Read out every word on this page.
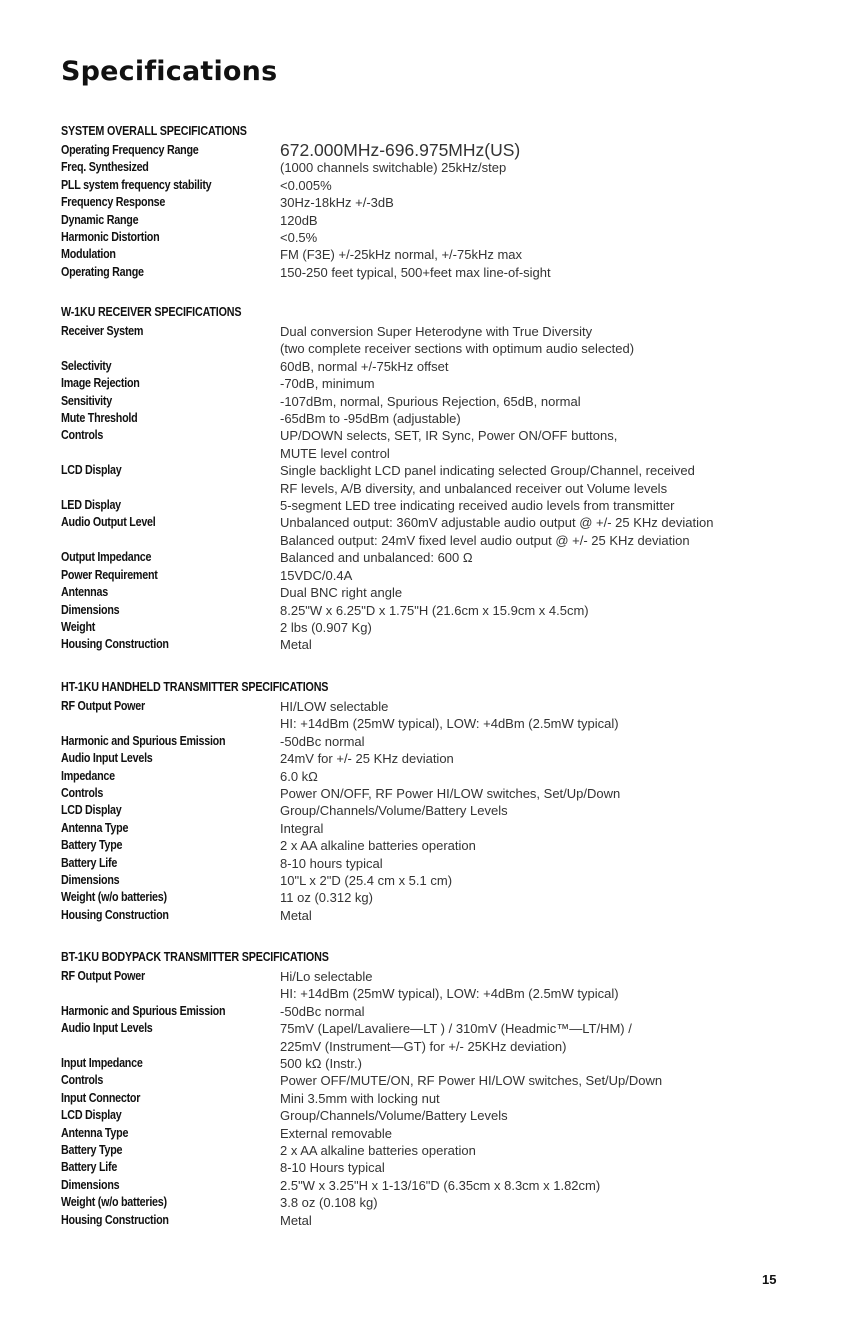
Specifications
SYSTEM OVERALL SPECIFICATIONS
Operating Frequency Range	672.000MHz-696.975MHz(US)
Freq. Synthesized	(1000 channels switchable) 25kHz/step
PLL system frequency stability	<0.005%
Frequency Response	30Hz-18kHz +/-3dB
Dynamic Range	120dB
Harmonic Distortion	<0.5%
Modulation	FM (F3E) +/-25kHz normal, +/-75kHz max
Operating Range	150-250 feet typical, 500+feet max line-of-sight
W-1KU RECEIVER SPECIFICATIONS
Receiver System	Dual conversion Super Heterodyne with True Diversity
(two complete receiver sections with optimum audio selected)
Selectivity	60dB, normal +/-75kHz offset
Image Rejection	-70dB, minimum
Sensitivity	-107dBm, normal, Spurious Rejection, 65dB, normal
Mute Threshold	-65dBm to -95dBm (adjustable)
Controls	UP/DOWN selects, SET, IR Sync, Power ON/OFF buttons,
MUTE level control
LCD Display	Single backlight LCD panel indicating selected Group/Channel, received
RF levels, A/B diversity, and unbalanced receiver out Volume levels
LED Display	5-segment LED tree indicating received audio levels from transmitter
Audio Output Level	Unbalanced output: 360mV adjustable audio output @ +/- 25 KHz deviation
Balanced output: 24mV fixed level audio output @ +/- 25 KHz deviation
Output Impedance	Balanced and unbalanced: 600 Ω
Power Requirement	15VDC/0.4A
Antennas	Dual BNC right angle
Dimensions	8.25"W x 6.25"D x 1.75"H (21.6cm x 15.9cm x 4.5cm)
Weight	2 lbs (0.907 Kg)
Housing Construction	Metal
HT-1KU HANDHELD TRANSMITTER SPECIFICATIONS
RF Output Power	HI/LOW selectable
HI: +14dBm (25mW typical), LOW: +4dBm (2.5mW typical)
Harmonic and Spurious Emission	-50dBc normal
Audio Input Levels	24mV for +/- 25 KHz deviation
Impedance	6.0 kΩ
Controls	Power ON/OFF, RF Power HI/LOW switches, Set/Up/Down
LCD Display	Group/Channels/Volume/Battery Levels
Antenna Type	Integral
Battery Type	2 x AA alkaline batteries operation
Battery Life	8-10 hours typical
Dimensions	10"L x 2"D (25.4 cm x 5.1 cm)
Weight (w/o batteries)	11 oz (0.312 kg)
Housing Construction	Metal
BT-1KU BODYPACK TRANSMITTER SPECIFICATIONS
RF Output Power	Hi/Lo selectable
HI: +14dBm (25mW typical), LOW: +4dBm (2.5mW typical)
Harmonic and Spurious Emission	-50dBc normal
Audio Input Levels	75mV (Lapel/Lavaliere—LT ) / 310mV (Headmic™—LT/HM) /
225mV (Instrument—GT) for +/- 25KHz deviation)
Input Impedance	500 kΩ (Instr.)
Controls	Power OFF/MUTE/ON, RF Power HI/LOW switches, Set/Up/Down
Input Connector	Mini 3.5mm with locking nut
LCD Display	Group/Channels/Volume/Battery Levels
Antenna Type	External removable
Battery Type	2 x AA alkaline batteries operation
Battery Life	8-10 Hours typical
Dimensions	2.5"W x 3.25"H x 1-13/16"D (6.35cm x 8.3cm x 1.82cm)
Weight (w/o batteries)	3.8 oz (0.108 kg)
Housing Construction	Metal
15
